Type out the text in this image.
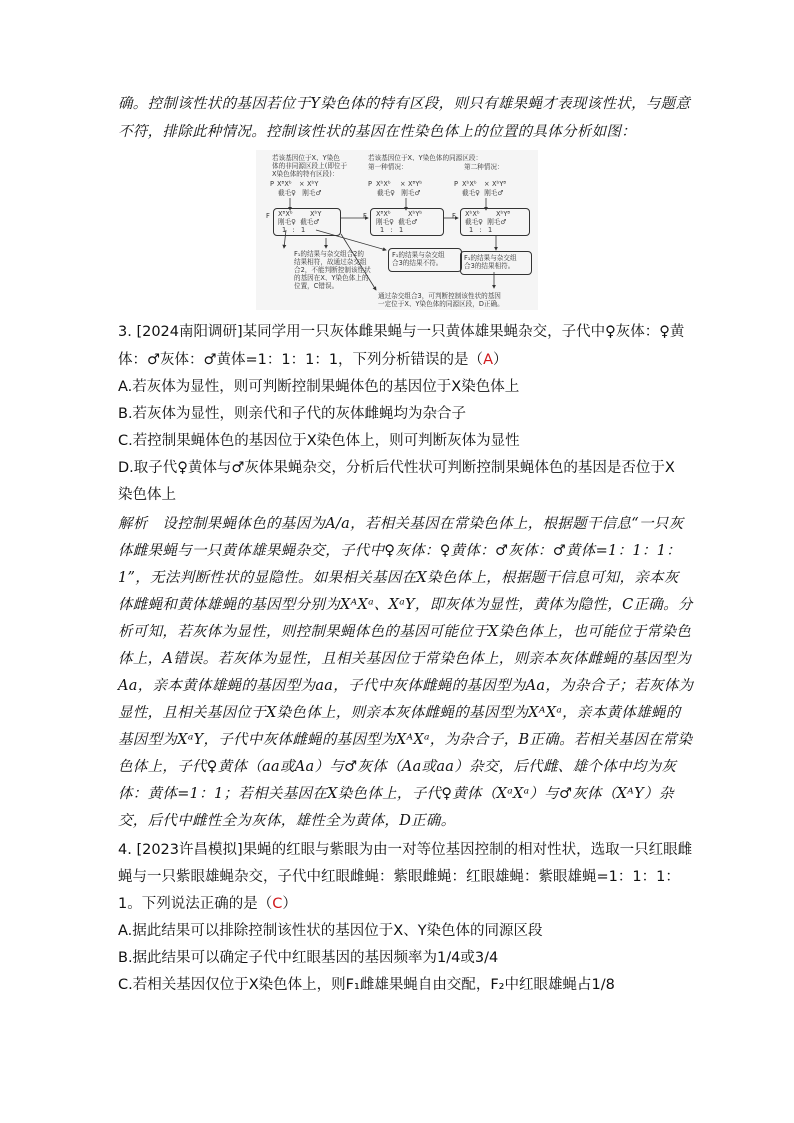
确。控制该性状的基因若位于Y染色体的特有区段，则只有雄果蝇才表现该性状，与题意
不符，排除此种情况。控制该性状的基因在性染色体上的位置的具体分析如图：
若该基因位于X、Y染色
体的非同源区段上(即位于
X染色体的特有区段)：
若该基因位于X、Y染色体的同源区段：
第一种情况：	第二种情况：
P XᴮXᵇ × XᵇY
截毛♀   刚毛♂
P XᵇXᵇ × XᴮYᵇ
截毛♀   刚毛♂
P XᵇXᵇ × XᵇYᴮ
截毛♀  刚毛♂
F XᴮXᵇ	XᵇY
刚毛♀  截毛♂
1   :   1
F XᴮXᵇ	XᵇYᵇ
刚毛♀  截毛♂
1   :   1
F XᵇXᵇ XᵇYᴮ
截毛♀  刚毛♂
1   :   1
F₁的结果与杂交组合2的
结果相符，故通过杂交组
合2，不能判断控制该性状
的基因在X、Y染色体上的
位置，C错误。
F₁的结果与杂交组
合3的结果不符。
F₁的结果与杂交组
合3的结果相符。
通过杂交组合3，可判断控制该性状的基因
一定位于X、Y染色体的同源区段，D正确。
3. [2024南阳调研]某同学用一只灰体雌果蝇与一只黄体雄果蝇杂交，子代中♀灰体：♀黄
体：♂灰体：♂黄体=1：1：1：1，下列分析错误的是（A）
A.若灰体为显性，则可判断控制果蝇体色的基因位于X染色体上
B.若灰体为显性，则亲代和子代的灰体雌蝇均为杂合子
C.若控制果蝇体色的基因位于X染色体上，则可判断灰体为显性
D.取子代♀黄体与♂灰体果蝇杂交，分析后代性状可判断控制果蝇体色的基因是否位于X
染色体上
解析　设控制果蝇体色的基因为A/a，若相关基因在常染色体上，根据题干信息“一只灰
体雌果蝇与一只黄体雄果蝇杂交，子代中♀灰体：♀黄体：♂灰体：♂黄体=1：1：1：
1”，无法判断性状的显隐性。如果相关基因在X染色体上，根据题干信息可知，亲本灰
体雌蝇和黄体雄蝇的基因型分别为XᴬXᵃ、XᵃY，即灰体为显性，黄体为隐性，C正确。分
析可知，若灰体为显性，则控制果蝇体色的基因可能位于X染色体上，也可能位于常染色
体上，A错误。若灰体为显性，且相关基因位于常染色体上，则亲本灰体雌蝇的基因型为
Aa，亲本黄体雄蝇的基因型为aa，子代中灰体雌蝇的基因型为Aa，为杂合子；若灰体为
显性，且相关基因位于X染色体上，则亲本灰体雌蝇的基因型为XᴬXᵃ，亲本黄体雄蝇的
基因型为XᵃY，子代中灰体雌蝇的基因型为XᴬXᵃ，为杂合子，B正确。若相关基因在常染
色体上，子代♀黄体（aa或Aa）与♂灰体（Aa或aa）杂交，后代雌、雄个体中均为灰
体：黄体=1：1；若相关基因在X染色体上，子代♀黄体（XᵃXᵃ）与♂灰体（XᴬY）杂
交，后代中雌性全为灰体，雄性全为黄体，D正确。
4. [2023许昌模拟]果蝇的红眼与紫眼为由一对等位基因控制的相对性状，选取一只红眼雌
蝇与一只紫眼雄蝇杂交，子代中红眼雌蝇：紫眼雌蝇：红眼雄蝇：紫眼雄蝇=1：1：1：
1。下列说法正确的是（C）
A.据此结果可以排除控制该性状的基因位于X、Y染色体的同源区段
B.据此结果可以确定子代中红眼基因的基因频率为1/4或3/4
C.若相关基因仅位于X染色体上，则F₁雌雄果蝇自由交配，F₂中红眼雄蝇占1/8
